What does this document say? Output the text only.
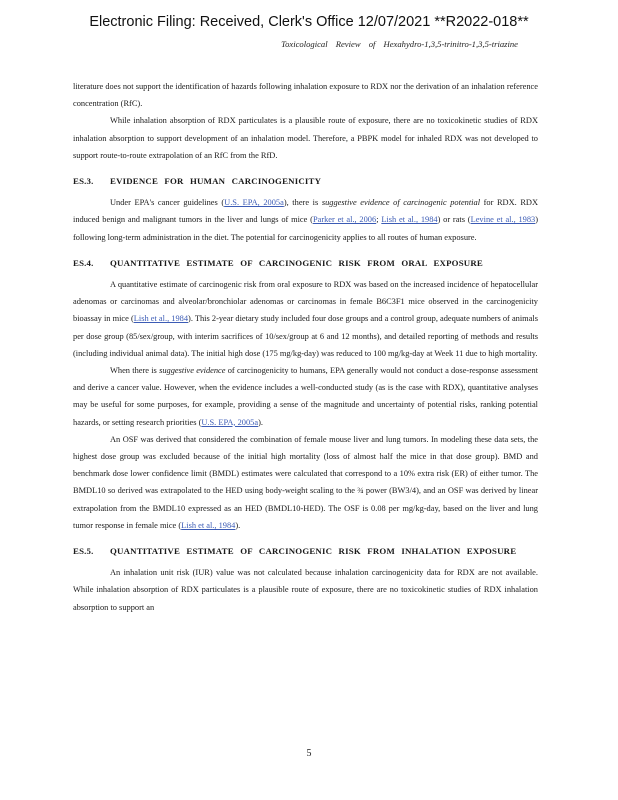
Electronic Filing: Received, Clerk's Office 12/07/2021 **R2022-018**
Toxicological Review of Hexahydro-1,3,5-trinitro-1,3,5-triazine

literature does not support the identification of hazards following inhalation exposure to RDX nor the derivation of an inhalation reference concentration (RfC).

While inhalation absorption of RDX particulates is a plausible route of exposure, there are no toxicokinetic studies of RDX inhalation absorption to support development of an inhalation model. Therefore, a PBPK model for inhaled RDX was not developed to support route-to-route extrapolation of an RfC from the RfD.

ES.3.	EVIDENCE FOR HUMAN CARCINOGENICITY

Under EPA's cancer guidelines (U.S. EPA, 2005a), there is suggestive evidence of carcinogenic potential for RDX. RDX induced benign and malignant tumors in the liver and lungs of mice (Parker et al., 2006; Lish et al., 1984) or rats (Levine et al., 1983) following long-term administration in the diet. The potential for carcinogenicity applies to all routes of human exposure.

ES.4.	QUANTITATIVE ESTIMATE OF CARCINOGENIC RISK FROM ORAL EXPOSURE

A quantitative estimate of carcinogenic risk from oral exposure to RDX was based on the increased incidence of hepatocellular adenomas or carcinomas and alveolar/bronchiolar adenomas or carcinomas in female B6C3F1 mice observed in the carcinogenicity bioassay in mice (Lish et al., 1984). This 2-year dietary study included four dose groups and a control group, adequate numbers of animals per dose group (85/sex/group, with interim sacrifices of 10/sex/group at 6 and 12 months), and detailed reporting of methods and results (including individual animal data). The initial high dose (175 mg/kg-day) was reduced to 100 mg/kg-day at Week 11 due to high mortality.

When there is suggestive evidence of carcinogenicity to humans, EPA generally would not conduct a dose-response assessment and derive a cancer value. However, when the evidence includes a well-conducted study (as is the case with RDX), quantitative analyses may be useful for some purposes, for example, providing a sense of the magnitude and uncertainty of potential risks, ranking potential hazards, or setting research priorities (U.S. EPA, 2005a).

An OSF was derived that considered the combination of female mouse liver and lung tumors. In modeling these data sets, the highest dose group was excluded because of the initial high mortality (loss of almost half the mice in that dose group). BMD and benchmark dose lower confidence limit (BMDL) estimates were calculated that correspond to a 10% extra risk (ER) of either tumor. The BMDL10 so derived was extrapolated to the HED using body-weight scaling to the ¾ power (BW3/4), and an OSF was derived by linear extrapolation from the BMDL10 expressed as an HED (BMDL10-HED). The OSF is 0.08 per mg/kg-day, based on the liver and lung tumor response in female mice (Lish et al., 1984).

ES.5.	QUANTITATIVE ESTIMATE OF CARCINOGENIC RISK FROM INHALATION EXPOSURE

An inhalation unit risk (IUR) value was not calculated because inhalation carcinogenicity data for RDX are not available. While inhalation absorption of RDX particulates is a plausible route of exposure, there are no toxicokinetic studies of RDX inhalation absorption to support an

5
